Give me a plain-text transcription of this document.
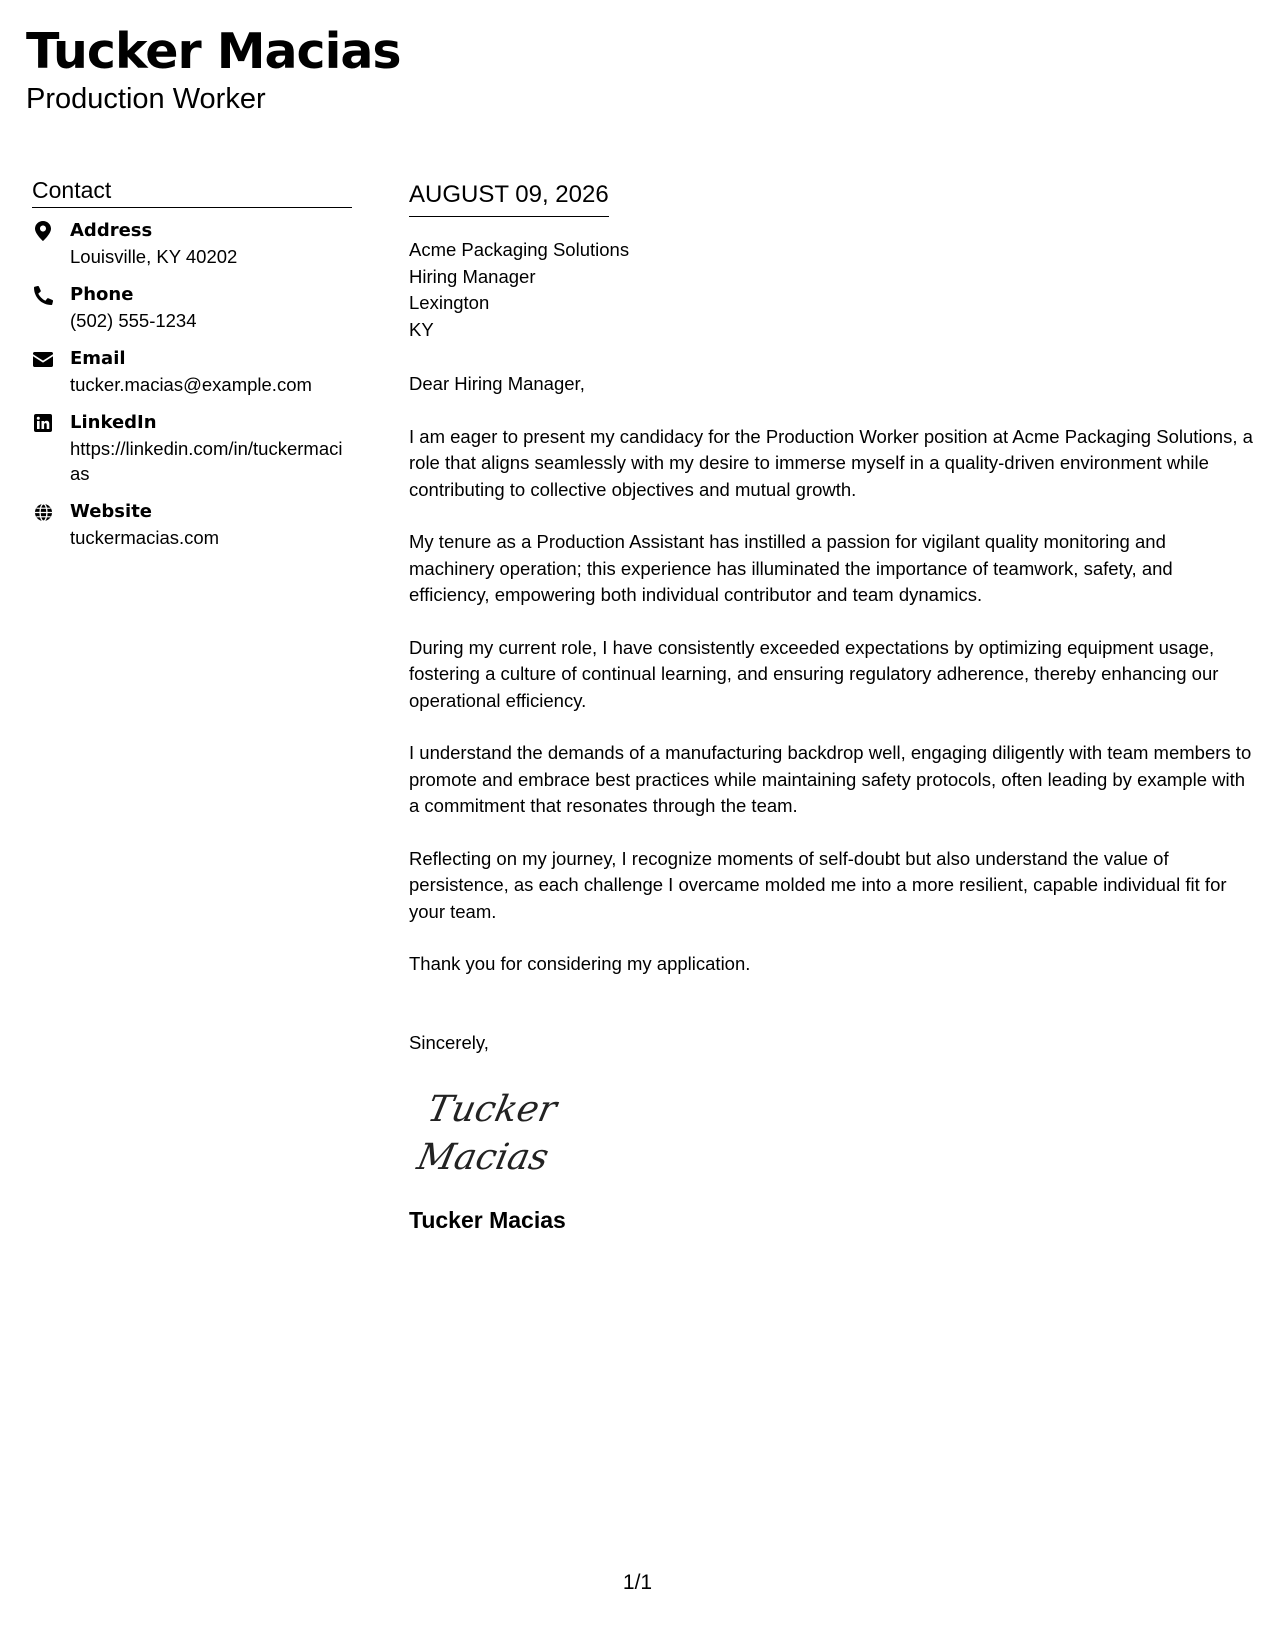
Tucker Macias
Production Worker
Contact
Address
Louisville, KY 40202
Phone
(502) 555-1234
Email
tucker.macias@example.com
LinkedIn
https://linkedin.com/in/tuckermacias
Website
tuckermacias.com
AUGUST 09, 2026
Acme Packaging Solutions
Hiring Manager
Lexington
KY
Dear Hiring Manager,
I am eager to present my candidacy for the Production Worker position at Acme Packaging Solutions, a role that aligns seamlessly with my desire to immerse myself in a quality-driven environment while contributing to collective objectives and mutual growth.
My tenure as a Production Assistant has instilled a passion for vigilant quality monitoring and machinery operation; this experience has illuminated the importance of teamwork, safety, and efficiency, empowering both individual contributor and team dynamics.
During my current role, I have consistently exceeded expectations by optimizing equipment usage, fostering a culture of continual learning, and ensuring regulatory adherence, thereby enhancing our operational efficiency.
I understand the demands of a manufacturing backdrop well, engaging diligently with team members to promote and embrace best practices while maintaining safety protocols, often leading by example with a commitment that resonates through the team.
Reflecting on my journey, I recognize moments of self-doubt but also understand the value of persistence, as each challenge I overcame molded me into a more resilient, capable individual fit for your team.
Thank you for considering my application.
Sincerely,
Tucker Macias
Tucker Macias
1/1
